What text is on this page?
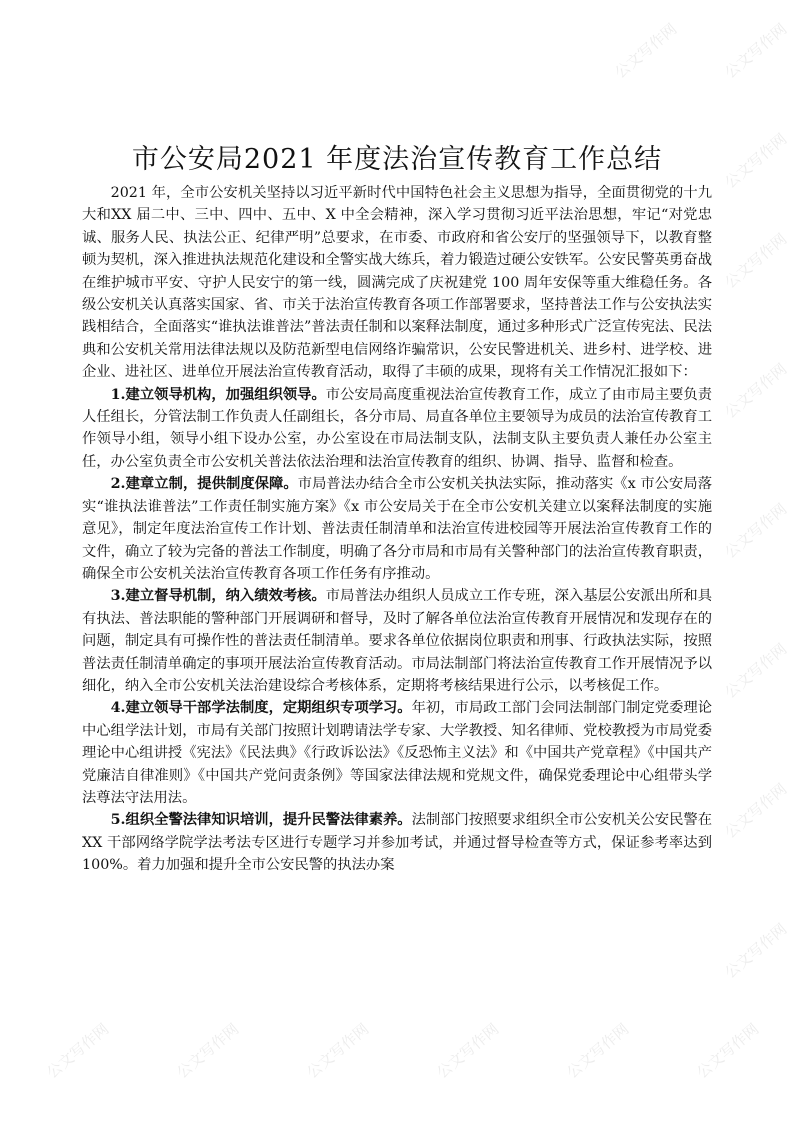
公文写作网	公文写作网
公文写作网
公文写作网
公文写作网
公文写作网
公文写作网
公文写作网
公文写作网
公文写作网	公文写作网	公文写作网	公文写作网	公文写作网	公文写作网
市公安局2021 年度法治宣传教育工作总结

2021 年，全市公安机关坚持以习近平新时代中国特色社会主义思想为指导，全面贯彻党的十九大和XX 届二中、三中、四中、五中、X 中全会精神，深入学习贯彻习近平法治思想，牢记“对党忠诚、服务人民、执法公正、纪律严明”总要求，在市委、市政府和省公安厅的坚强领导下，以教育整顿为契机，深入推进执法规范化建设和全警实战大练兵，着力锻造过硬公安铁军。公安民警英勇奋战在维护城市平安、守护人民安宁的第一线，圆满完成了庆祝建党 100 周年安保等重大维稳任务。各级公安机关认真落实国家、省、市关于法治宣传教育各项工作部署要求，坚持普法工作与公安执法实践相结合，全面落实“谁执法谁普法”普法责任制和以案释法制度，通过多种形式广泛宣传宪法、民法典和公安机关常用法律法规以及防范新型电信网络诈骗常识，公安民警进机关、进乡村、进学校、进企业、进社区、进单位开展法治宣传教育活动，取得了丰硕的成果，现将有关工作情况汇报如下：

1.建立领导机构，加强组织领导。市公安局高度重视法治宣传教育工作，成立了由市局主要负责人任组长，分管法制工作负责人任副组长，各分市局、局直各单位主要领导为成员的法治宣传教育工作领导小组，领导小组下设办公室，办公室设在市局法制支队，法制支队主要负责人兼任办公室主任，办公室负责全市公安机关普法依法治理和法治宣传教育的组织、协调、指导、监督和检查。

2.建章立制，提供制度保障。市局普法办结合全市公安机关执法实际，推动落实《x 市公安局落实“谁执法谁普法”工作责任制实施方案》《x 市公安局关于在全市公安机关建立以案释法制度的实施意见》，制定年度法治宣传工作计划、普法责任制清单和法治宣传进校园等开展法治宣传教育工作的文件，确立了较为完备的普法工作制度，明确了各分市局和市局有关警种部门的法治宣传教育职责，确保全市公安机关法治宣传教育各项工作任务有序推动。

3.建立督导机制，纳入绩效考核。市局普法办组织人员成立工作专班，深入基层公安派出所和具有执法、普法职能的警种部门开展调研和督导，及时了解各单位法治宣传教育开展情况和发现存在的问题，制定具有可操作性的普法责任制清单。要求各单位依据岗位职责和刑事、行政执法实际，按照普法责任制清单确定的事项开展法治宣传教育活动。市局法制部门将法治宣传教育工作开展情况予以细化，纳入全市公安机关法治建设综合考核体系，定期将考核结果进行公示，以考核促工作。

4.建立领导干部学法制度，定期组织专项学习。年初，市局政工部门会同法制部门制定党委理论中心组学法计划，市局有关部门按照计划聘请法学专家、大学教授、知名律师、党校教授为市局党委理论中心组讲授《宪法》《民法典》《行政诉讼法》《反恐怖主义法》和《中国共产党章程》《中国共产党廉洁自律准则》《中国共产党问责条例》等国家法律法规和党规文件，确保党委理论中心组带头学法尊法守法用法。

5.组织全警法律知识培训，提升民警法律素养。法制部门按照要求组织全市公安机关公安民警在 XX 干部网络学院学法考法专区进行专题学习并参加考试，并通过督导检查等方式，保证参考率达到 100%。着力加强和提升全市公安民警的执法办案
